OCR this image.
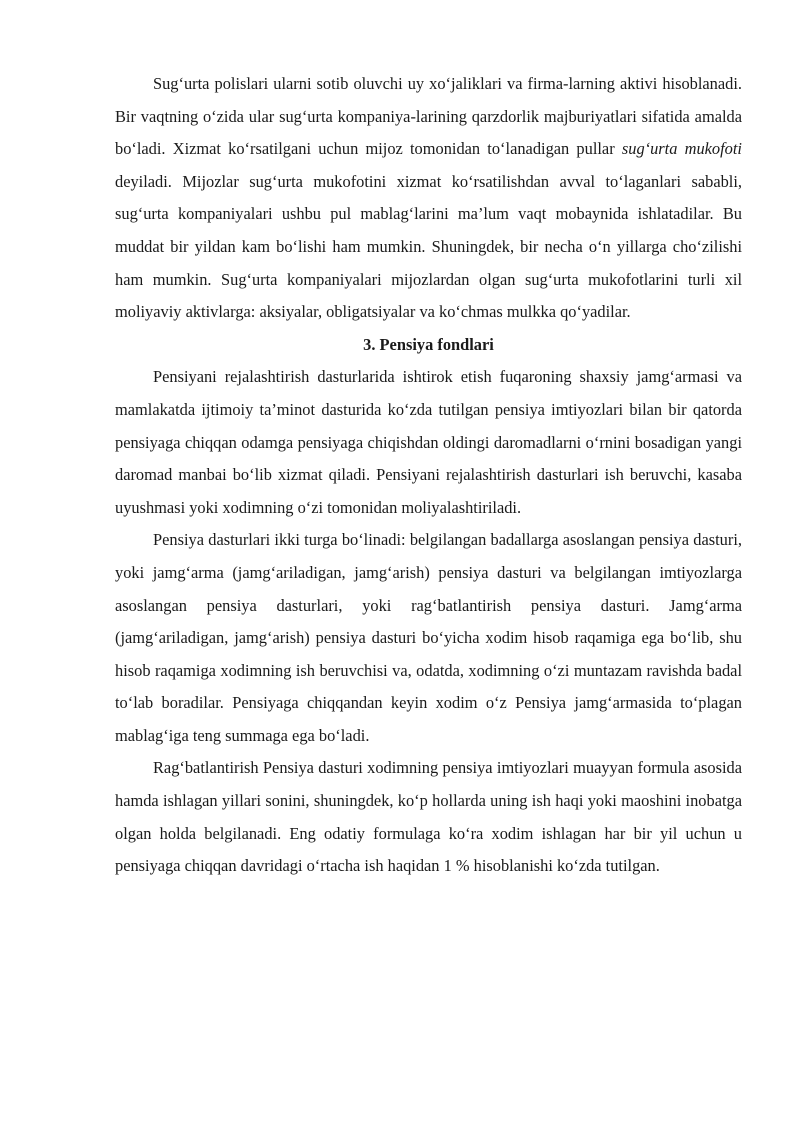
Sug‘urta polislari ularni sotib oluvchi uy xo‘jaliklari va firma-larning aktivi hisoblanadi. Bir vaqtning o‘zida ular sug‘urta kompaniya-larining qarzdorlik majburiyatlari sifatida amalda bo‘ladi. Xizmat ko‘rsatilgani uchun mijoz tomonidan to‘lanadigan pullar sug‘urta mukofoti deyiladi. Mijozlar sug‘urta mukofotini xizmat ko‘rsatilishdan avval to‘laganlari sababli, sug‘urta kompaniyalari ushbu pul mablag‘larini ma’lum vaqt mobaynida ishlatadilar. Bu muddat bir yildan kam bo‘lishi ham mumkin. Shuningdek, bir necha o‘n yillarga cho‘zilishi ham mumkin. Sug‘urta kompaniyalari mijozlardan olgan sug‘urta mukofotlarini turli xil moliyaviy aktivlarga: aksiyalar, obligatsiyalar va ko‘chmas mulkka qo‘yadilar.

3. Pensiya fondlari

Pensiyani rejalashtirish dasturlarida ishtirok etish fuqaroning shaxsiy jamg‘armasi va mamlakatda ijtimoiy ta’minot dasturida ko‘zda tutilgan pensiya imtiyozlari bilan bir qatorda pensiyaga chiqqan odamga pensiyaga chiqishdan oldingi daromadlarni o‘rnini bosadigan yangi daromad manbai bo‘lib xizmat qiladi. Pensiyani rejalashtirish dasturlari ish beruvchi, kasaba uyushmasi yoki xodimning o‘zi tomonidan moliyalashtiriladi.

Pensiya dasturlari ikki turga bo‘linadi: belgilangan badallarga asoslangan pensiya dasturi, yoki jamg‘arma (jamg‘ariladigan, jamg‘arish) pensiya dasturi va belgilangan imtiyozlarga asoslangan pensiya dasturlari, yoki rag‘batlantirish pensiya dasturi. Jamg‘arma (jamg‘ariladigan, jamg‘arish) pensiya dasturi bo‘yicha xodim hisob raqamiga ega bo‘lib, shu hisob raqamiga xodimning ish beruvchisi va, odatda, xodimning o‘zi muntazam ravishda badal to‘lab boradilar. Pensiyaga chiqqandan keyin xodim o‘z Pensiya jamg‘armasida to‘plagan mablag‘iga teng summaga ega bo‘ladi.

Rag‘batlantirish Pensiya dasturi xodimning pensiya imtiyozlari muayyan formula asosida hamda ishlagan yillari sonini, shuningdek, ko‘p hollarda uning ish haqi yoki maoshini inobatga olgan holda belgilanadi. Eng odatiy formulaga ko‘ra xodim ishlagan har bir yil uchun u pensiyaga chiqqan davridagi o‘rtacha ish haqidan 1 % hisoblanishi ko‘zda tutilgan.
